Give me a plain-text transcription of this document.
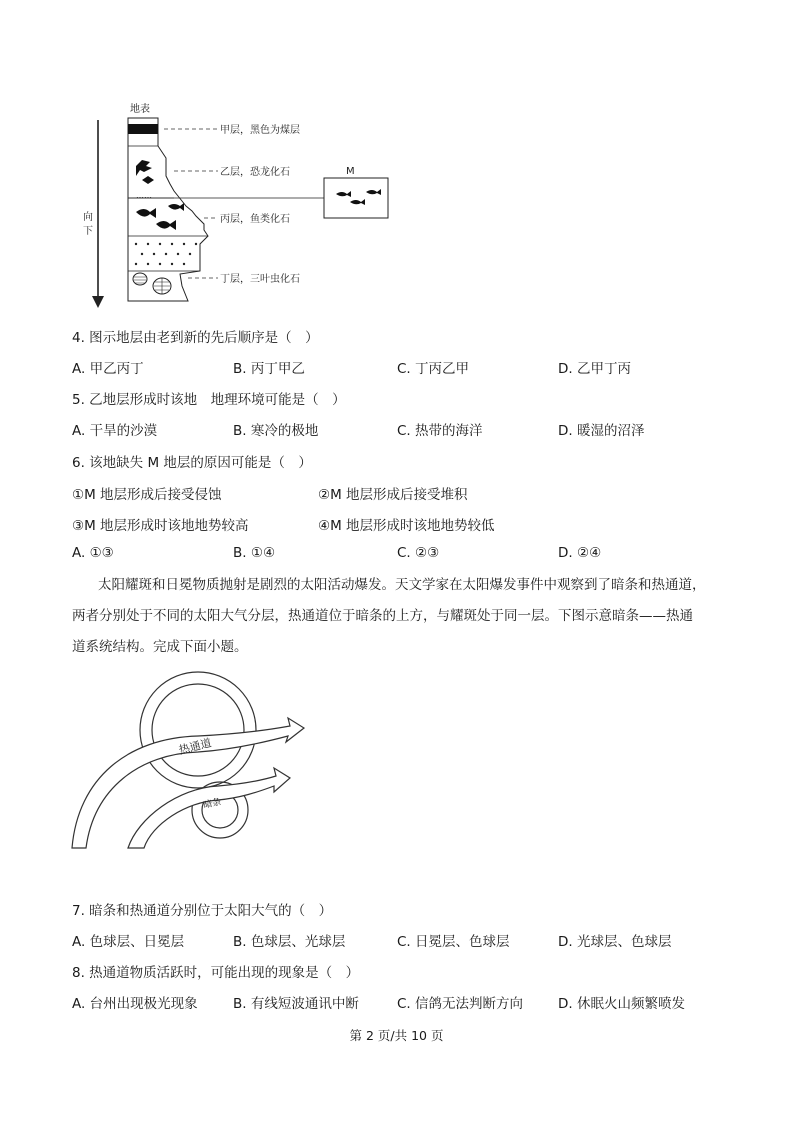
地表
向
下
……
甲层，黑色为煤层
乙层，恐龙化石
丙层，鱼类化石
丁层，三叶虫化石
M
4. 图示地层由老到新的先后顺序是（　）
A. 甲乙丙丁	B. 丙丁甲乙	C. 丁丙乙甲	D. 乙甲丁丙
5. 乙地层形成时该地　地理环境可能是（　）
A. 干旱的沙漠	B. 寒冷的极地	C. 热带的海洋	D. 暖湿的沼泽
6. 该地缺失 M 地层的原因可能是（　）
①M 地层形成后接受侵蚀	②M 地层形成后接受堆积
③M 地层形成时该地地势较高	④M 地层形成时该地地势较低
A. ①③	B. ①④	C. ②③	D. ②④
太阳耀斑和日冕物质抛射是剧烈的太阳活动爆发。天文学家在太阳爆发事件中观察到了暗条和热通道，
两者分别处于不同的太阳大气分层，热通道位于暗条的上方，与耀斑处于同一层。下图示意暗条——热通
道系统结构。完成下面小题。
热通道
暗条
7. 暗条和热通道分别位于太阳大气的（　）
A. 色球层、日冕层	B. 色球层、光球层	C. 日冕层、色球层	D. 光球层、色球层
8. 热通道物质活跃时，可能出现的现象是（　）
A. 台州出现极光现象	B. 有线短波通讯中断	C. 信鸽无法判断方向	D. 休眠火山频繁喷发
第 2 页/共 10 页
